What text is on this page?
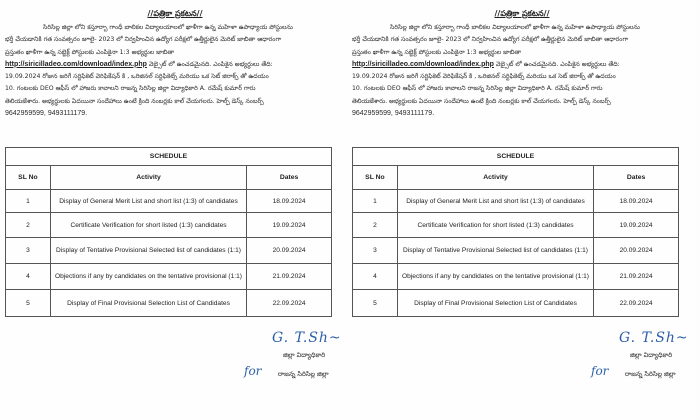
//పత్రికా ప్రకటన//
సిరిసిల్ల జిల్లా లోని కస్తూర్బా గాంధీ బాలికల విద్యాలయాలలో ఖాళీగా ఉన్న మహిళా ఉపాధ్యాయ పోస్టులను
భర్తీ చేయడానికి గత సంవత్సరం జూలై- 2023 లో నిర్వహించిన ఉద్యోగ పరీక్షలో ఉత్తీర్ణులైన మెరిట్ జాబితా ఆధారంగా
ప్రస్తుతం ఖాళీగా ఉన్న సబ్జెక్ట్ పోస్టులకు ఎంపికైనా 1:3 అభ్యర్థుల జాబితా
http://siricilladeo.com/download/index.php వెబ్సైట్ లో ఉంచడమైనది. ఎంపికైన అభ్యర్థులు తేది:
19.09.2024 రోజున జరిగే సర్టిఫికెట్ వెరిఫికేషన్ కి , ఒరిజినల్ సర్టిఫికెట్స్ మరియు ఒక సెట్ జిరాక్స్ తో ఉదయం
10. గంటలకు DEO ఆఫీస్ లో హాజరు కావాలని రాజన్న సిరిసిల్ల జిల్లా విద్యాధికారి A. రమేష్ కుమార్ గారు
తెలియజేశారు. అభ్యర్థులకు ఏదయినా సందేహాలు ఉంటే క్రింది నంబర్లకు కాల్ చేయగలరు. హెల్ప్ డెస్క్ నంబర్స్
9642959599, 9493111179.
SCHEDULE		
SL No	Activity	Dates
1	Display of General Merit List and short list (1:3) of candidates	18.09.2024
2	Certificate Verification for short listed (1:3) candidates	19.09.2024
3	Display of Tentative Provisional Selected list of candidates (1:1)	20.09.2024
4	Objections if any by candidates on the tentative provisional (1:1)	21.09.2024
5	Display of Final Provisional Selection List of Candidates	22.09.2024
G. T.Sh~
జిల్లా విద్యాధికారి
for	రాజన్న సిరిసిల్ల జిల్లా
//పత్రికా ప్రకటన//
సిరిసిల్ల జిల్లా లోని కస్తూర్బా గాంధీ బాలికల విద్యాలయాలలో ఖాళీగా ఉన్న మహిళా ఉపాధ్యాయ పోస్టులను
భర్తీ చేయడానికి గత సంవత్సరం జూలై- 2023 లో నిర్వహించిన ఉద్యోగ పరీక్షలో ఉత్తీర్ణులైన మెరిట్ జాబితా ఆధారంగా
ప్రస్తుతం ఖాళీగా ఉన్న సబ్జెక్ట్ పోస్టులకు ఎంపికైనా 1:3 అభ్యర్థుల జాబితా
http://siricilladeo.com/download/index.php వెబ్సైట్ లో ఉంచడమైనది. ఎంపికైన అభ్యర్థులు తేది:
19.09.2024 రోజున జరిగే సర్టిఫికెట్ వెరిఫికేషన్ కి , ఒరిజినల్ సర్టిఫికెట్స్ మరియు ఒక సెట్ జిరాక్స్ తో ఉదయం
10. గంటలకు DEO ఆఫీస్ లో హాజరు కావాలని రాజన్న సిరిసిల్ల జిల్లా విద్యాధికారి A. రమేష్ కుమార్ గారు
తెలియజేశారు. అభ్యర్థులకు ఏదయినా సందేహాలు ఉంటే క్రింది నంబర్లకు కాల్ చేయగలరు. హెల్ప్ డెస్క్ నంబర్స్
9642959599, 9493111179.
SCHEDULE		
SL No	Activity	Dates
1	Display of General Merit List and short list (1:3) of candidates	18.09.2024
2	Certificate Verification for short listed (1:3) candidates	19.09.2024
3	Display of Tentative Provisional Selected list of candidates (1:1)	20.09.2024
4	Objections if any by candidates on the tentative provisional (1:1)	21.09.2024
5	Display of Final Provisional Selection List of Candidates	22.09.2024
G. T.Sh~
జిల్లా విద్యాధికారి
for	రాజన్న సిరిసిల్ల జిల్లా
